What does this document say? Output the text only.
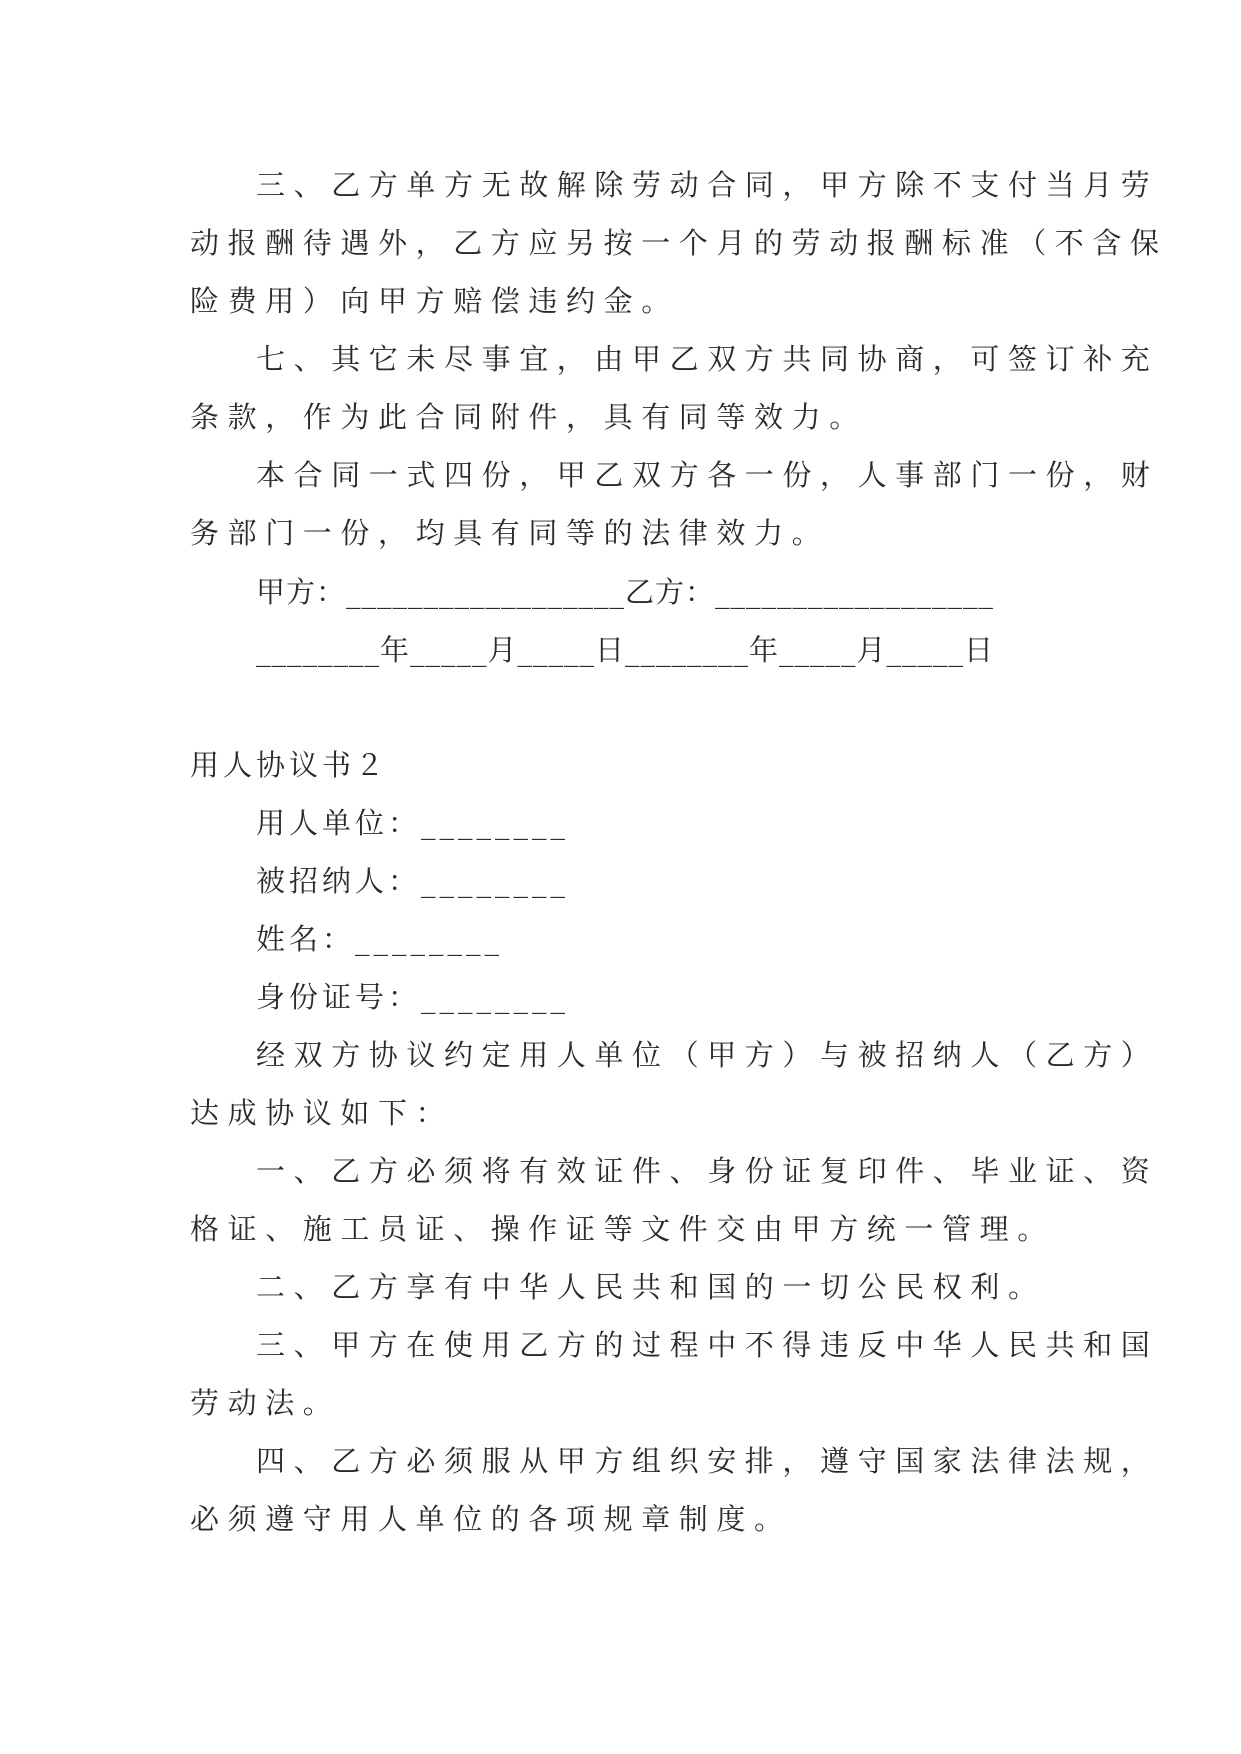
三、乙方单方无故解除劳动合同，甲方除不支付当月劳
动报酬待遇外，乙方应另按一个月的劳动报酬标准（不含保
险费用）向甲方赔偿违约金。
七、其它未尽事宜，由甲乙双方共同协商，可签订补充
条款，作为此合同附件，具有同等效力。
本合同一式四份，甲乙双方各一份，人事部门一份，财
务部门一份，均具有同等的法律效力。
甲方：__________________乙方：__________________
________年_____月_____日________年_____月_____日
用人协议书２
用人单位：________
被招纳人：________
姓名：________
身份证号：________
经双方协议约定用人单位（甲方）与被招纳人（乙方）
达成协议如下：
一、乙方必须将有效证件、身份证复印件、毕业证、资
格证、施工员证、操作证等文件交由甲方统一管理。
二、乙方享有中华人民共和国的一切公民权利。
三、甲方在使用乙方的过程中不得违反中华人民共和国
劳动法。
四、乙方必须服从甲方组织安排，遵守国家法律法规，
必须遵守用人单位的各项规章制度。
